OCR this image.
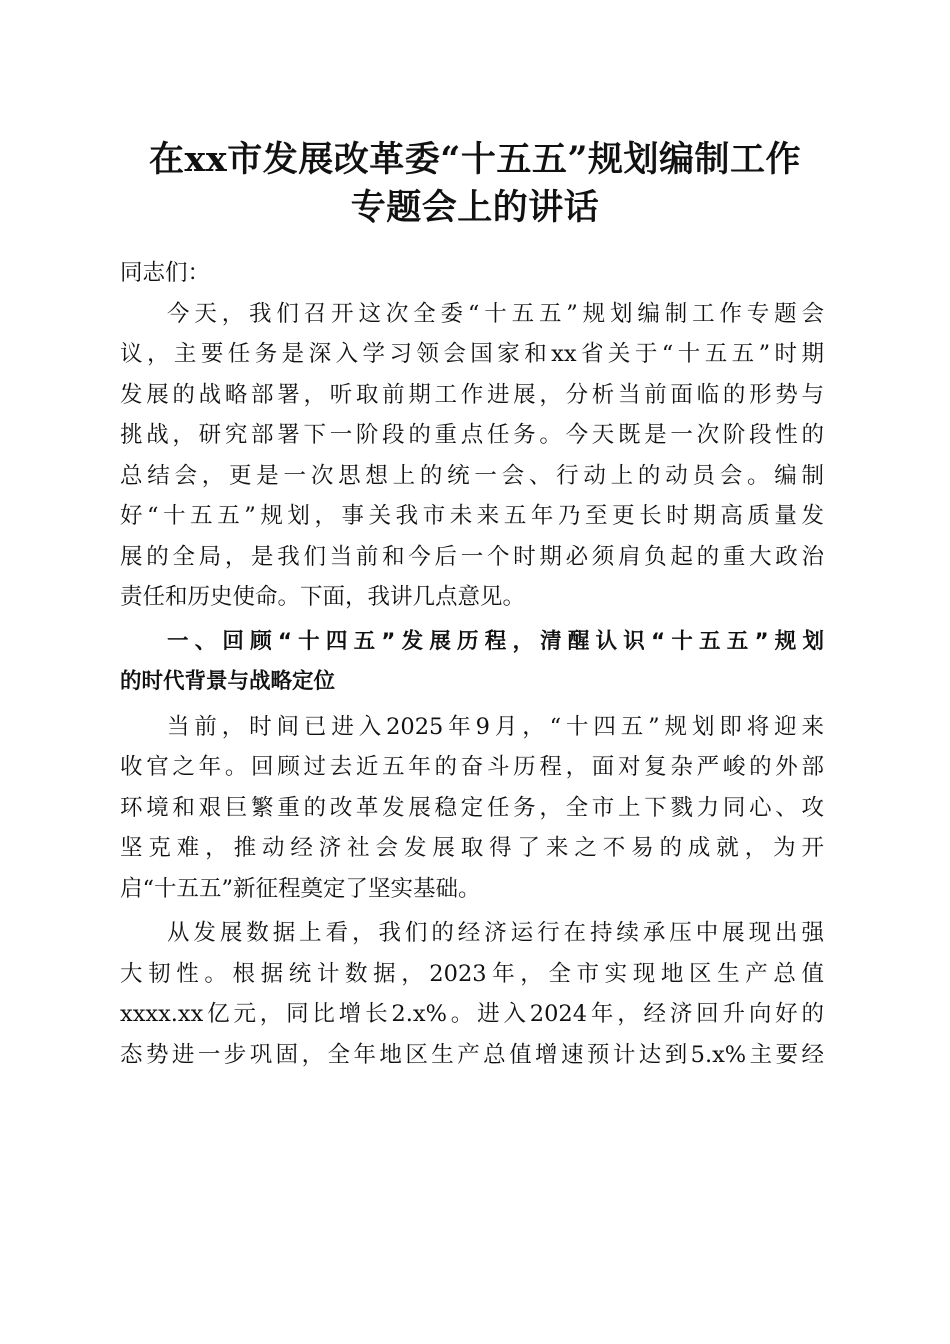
在xx市发展改革委“十五五”规划编制工作
专题会上的讲话
同志们：
今天，我们召开这次全委“十五五”规划编制工作专题会
议，主要任务是深入学习领会国家和xx省关于“十五五”时期
发展的战略部署，听取前期工作进展，分析当前面临的形势与
挑战，研究部署下一阶段的重点任务。今天既是一次阶段性的
总结会，更是一次思想上的统一会、行动上的动员会。编制
好“十五五”规划，事关我市未来五年乃至更长时期高质量发
展的全局，是我们当前和今后一个时期必须肩负起的重大政治
责任和历史使命。下面，我讲几点意见。
一、回顾“十四五”发展历程，清醒认识“十五五”规划
的时代背景与战略定位
当前，时间已进入2025年9月，“十四五”规划即将迎来
收官之年。回顾过去近五年的奋斗历程，面对复杂严峻的外部
环境和艰巨繁重的改革发展稳定任务，全市上下戮力同心、攻
坚克难，推动经济社会发展取得了来之不易的成就，为开
启“十五五”新征程奠定了坚实基础。
从发展数据上看，我们的经济运行在持续承压中展现出强
大韧性。根据统计数据，2023年，全市实现地区生产总值
xxxx.xx亿元，同比增长2.x%。进入2024年，经济回升向好的
态势进一步巩固，全年地区生产总值增速预计达到5.x%主要经
